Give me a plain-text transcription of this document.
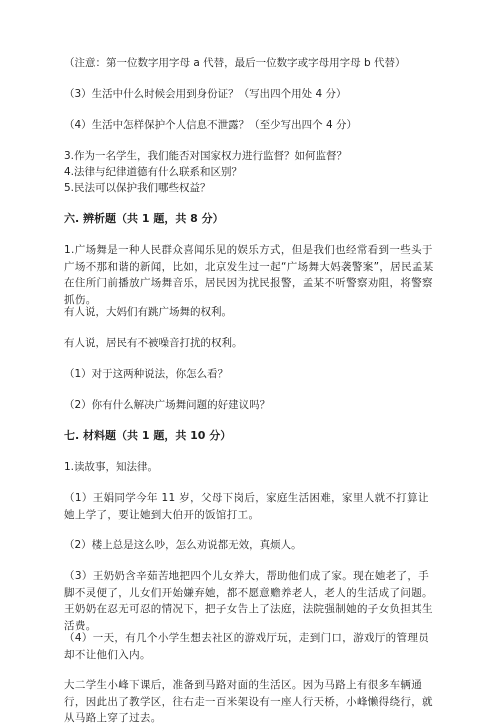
（注意：第一位数字用字母 a 代替，最后一位数字或字母用字母 b 代替）
（3）生活中什么时候会用到身份证？（写出四个用处 4 分）
（4）生活中怎样保护个人信息不泄露？（至少写出四个 4 分）
3.作为一名学生，我们能否对国家权力进行监督？如何监督？
4.法律与纪律道德有什么联系和区别？
5.民法可以保护我们哪些权益？
六. 辨析题（共 1 题，共 8 分）
1.广场舞是一种人民群众喜闻乐见的娱乐方式，但是我们也经常看到一些头于广场不那和谐的新闻，比如，北京发生过一起“广场舞大妈袭警案”，居民孟某在住所门前播放广场舞音乐，居民因为扰民报警，孟某不听警察劝阻，将警察抓伤。
有人说，大妈们有跳广场舞的权利。
有人说，居民有不被噪音打扰的权利。
（1）对于这两种说法，你怎么看？
（2）你有什么解决广场舞问题的好建议吗？
七. 材料题（共 1 题，共 10 分）
1.读故事，知法律。
（1）王娟同学今年 11 岁，父母下岗后，家庭生活困难，家里人就不打算让她上学了，要让她到大伯开的饭馆打工。
（2）楼上总是这么吵，怎么劝说都无效，真烦人。
（3）王奶奶含辛茹苦地把四个儿女养大，帮助他们成了家。现在她老了，手脚不灵便了，儿女们开始嫌弃她，都不愿意赡养老人，老人的生活成了问题。王奶奶在忍无可忍的情况下，把子女告上了法庭，法院强制她的子女负担其生活费。
（4）一天，有几个小学生想去社区的游戏厅玩，走到门口，游戏厅的管理员却不让他们入内。
大二学生小峰下课后，准备到马路对面的生活区。因为马路上有很多车辆通行，因此出了教学区，往右走一百米架设有一座人行天桥，小峰懒得绕行，就从马路上穿了过去。
